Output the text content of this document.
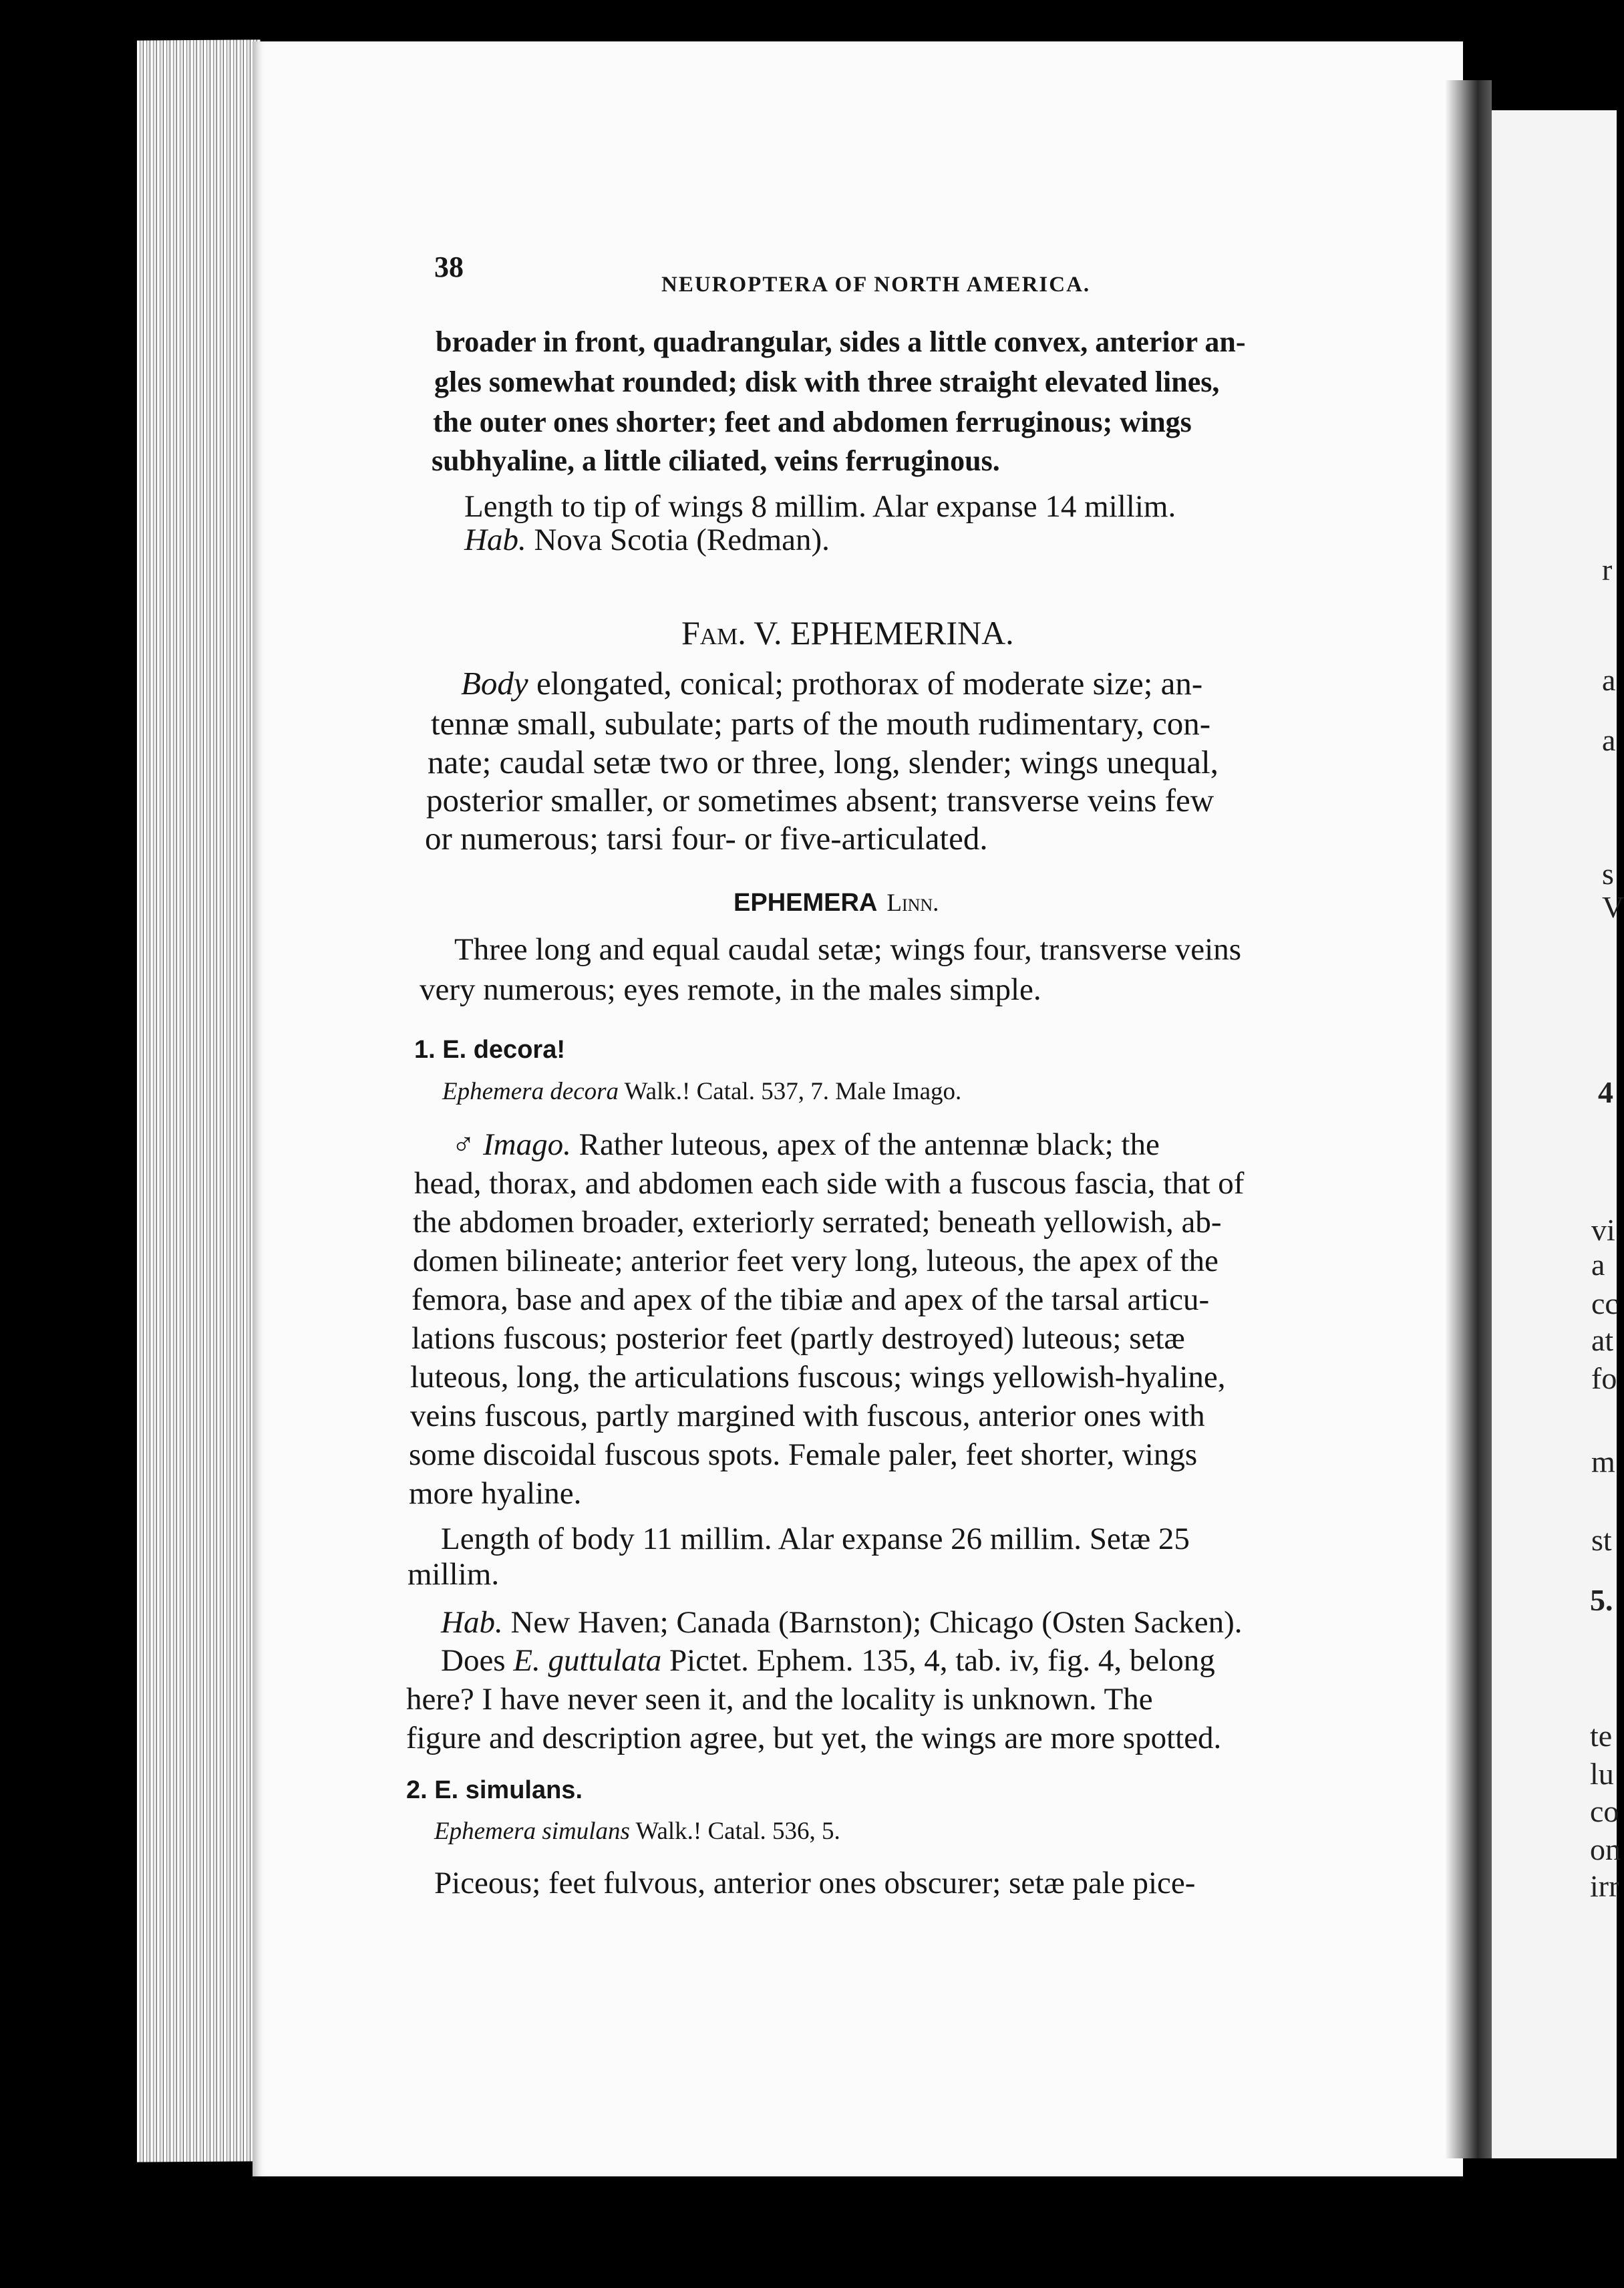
r
a
a
s
V
4
vi
a
cc
at
fo
m
st
5.
te
lu
co
on
irr
38
NEUROPTERA OF NORTH AMERICA.
broader in front, quadrangular, sides a little convex, anterior an-
gles somewhat rounded; disk with three straight elevated lines,
the outer ones shorter; feet and abdomen ferruginous; wings
subhyaline, a little ciliated, veins ferruginous.
Length to tip of wings 8 millim. Alar expanse 14 millim.
Hab. Nova Scotia (Redman).
Fam. V. EPHEMERINA.
Body elongated, conical; prothorax of moderate size; an-
tennæ small, subulate; parts of the mouth rudimentary, con-
nate; caudal setæ two or three, long, slender; wings unequal,
posterior smaller, or sometimes absent; transverse veins few
or numerous; tarsi four- or five-articulated.
EPHEMERA Linn.
Three long and equal caudal setæ; wings four, transverse veins
very numerous; eyes remote, in the males simple.
1. E. decora!
Ephemera decora Walk.! Catal. 537, 7. Male Imago.
♂ Imago. Rather luteous, apex of the antennæ black; the
head, thorax, and abdomen each side with a fuscous fascia, that of
the abdomen broader, exteriorly serrated; beneath yellowish, ab-
domen bilineate; anterior feet very long, luteous, the apex of the
femora, base and apex of the tibiæ and apex of the tarsal articu-
lations fuscous; posterior feet (partly destroyed) luteous; setæ
luteous, long, the articulations fuscous; wings yellowish-hyaline,
veins fuscous, partly margined with fuscous, anterior ones with
some discoidal fuscous spots. Female paler, feet shorter, wings
more hyaline.
Length of body 11 millim. Alar expanse 26 millim. Setæ 25
millim.
Hab. New Haven; Canada (Barnston); Chicago (Osten Sacken).
Does E. guttulata Pictet. Ephem. 135, 4, tab. iv, fig. 4, belong
here? I have never seen it, and the locality is unknown. The
figure and description agree, but yet, the wings are more spotted.
2. E. simulans.
Ephemera simulans Walk.! Catal. 536, 5.
Piceous; feet fulvous, anterior ones obscurer; setæ pale pice-
